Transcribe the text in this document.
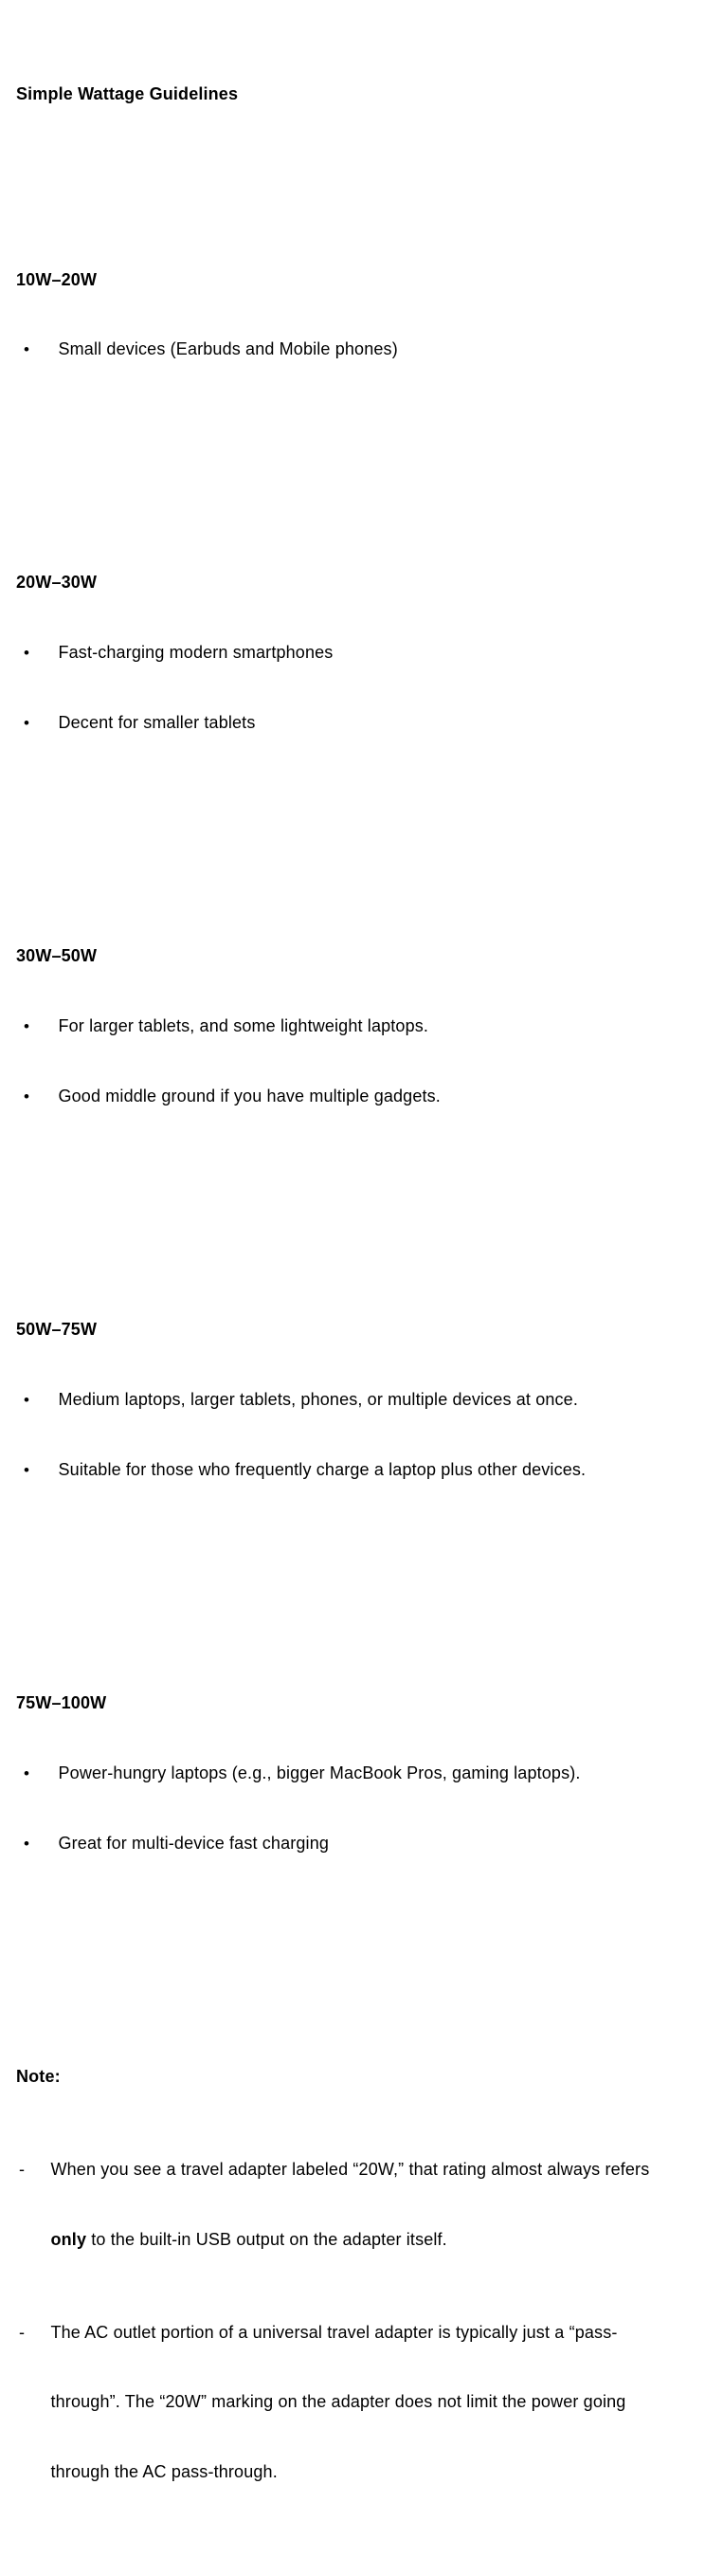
Simple Wattage Guidelines

10W–20W

•	Small devices (Earbuds and Mobile phones)

20W–30W

•	Fast-charging modern smartphones

•	Decent for smaller tablets

30W–50W

•	For larger tablets, and some lightweight laptops.

•	Good middle ground if you have multiple gadgets.

50W–75W

•	Medium laptops, larger tablets, phones, or multiple devices at once.

•	Suitable for those who frequently charge a laptop plus other devices.

75W–100W

•	Power-hungry laptops (e.g., bigger MacBook Pros, gaming laptops).

•	Great for multi-device fast charging

Note:

-	When you see a travel adapter labeled “20W,” that rating almost always refers

only to the built-in USB output on the adapter itself.

-	The AC outlet portion of a universal travel adapter is typically just a “pass-

through”. The “20W” marking on the adapter does not limit the power going

through the AC pass-through.
